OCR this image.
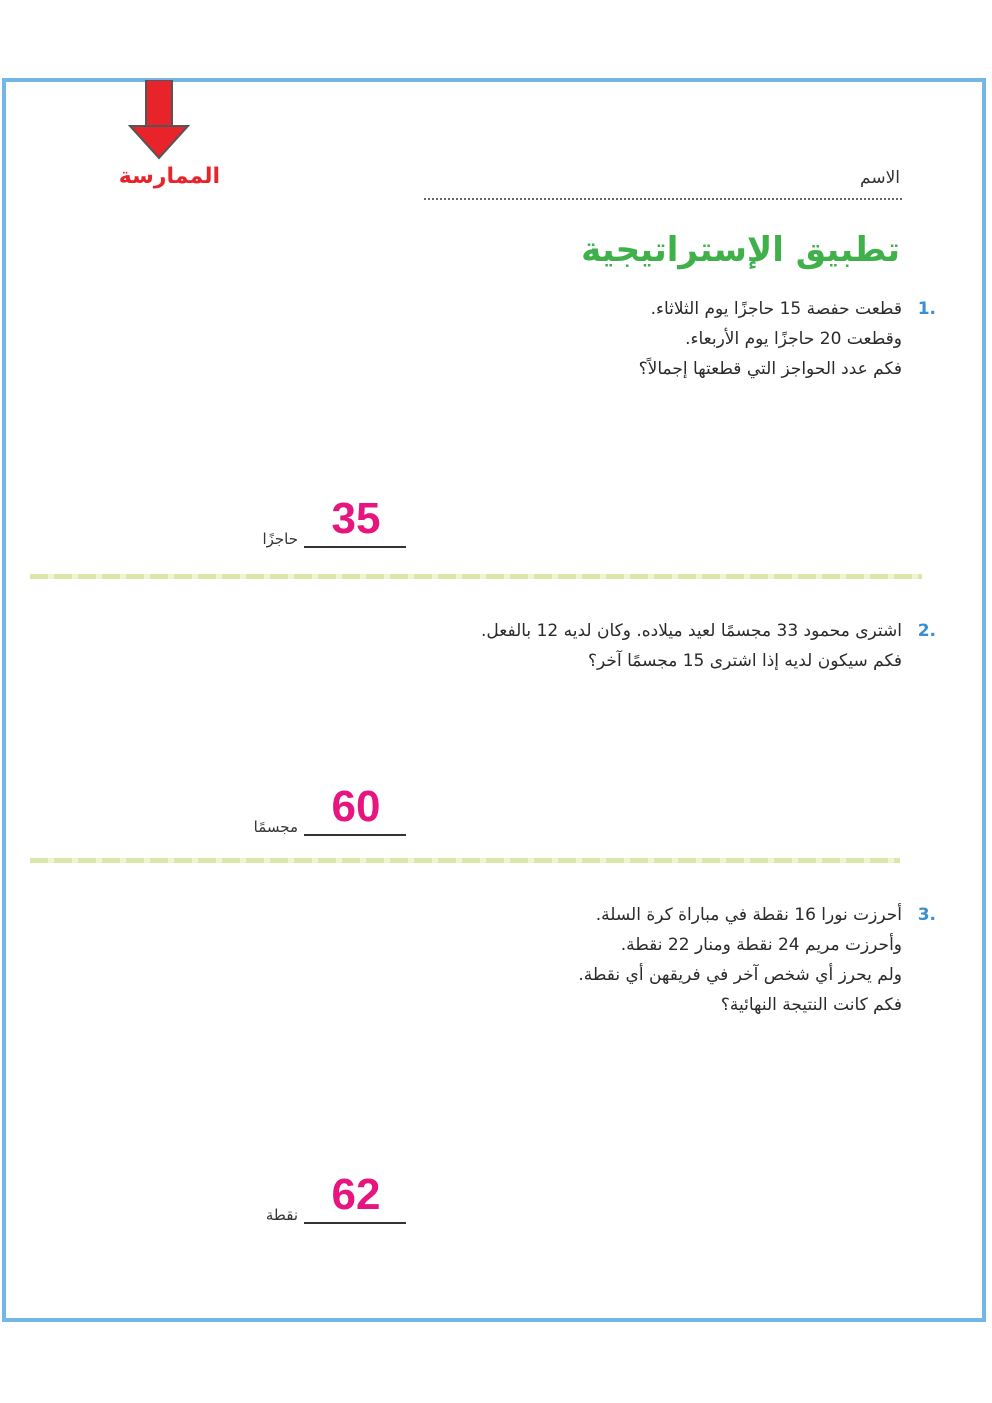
الممارسة	الاسم
تطبيق الإستراتيجية
1.
قطعت حفصة 15 حاجزًا يوم الثلاثاء.
وقطعت 20 حاجزًا يوم الأربعاء.
فكم عدد الحواجز التي قطعتها إجمالاً؟
حاجزًا 35
2.
اشترى محمود 33 مجسمًا لعيد ميلاده. وكان لديه 12 بالفعل.
فكم سيكون لديه إذا اشترى 15 مجسمًا آخر؟
مجسمًا 60
3.
أحرزت نورا 16 نقطة في مباراة كرة السلة.
وأحرزت مريم 24 نقطة ومنار 22 نقطة.
ولم يحرز أي شخص آخر في فريقهن أي نقطة.
فكم كانت النتيجة النهائية؟
نقطة 62
